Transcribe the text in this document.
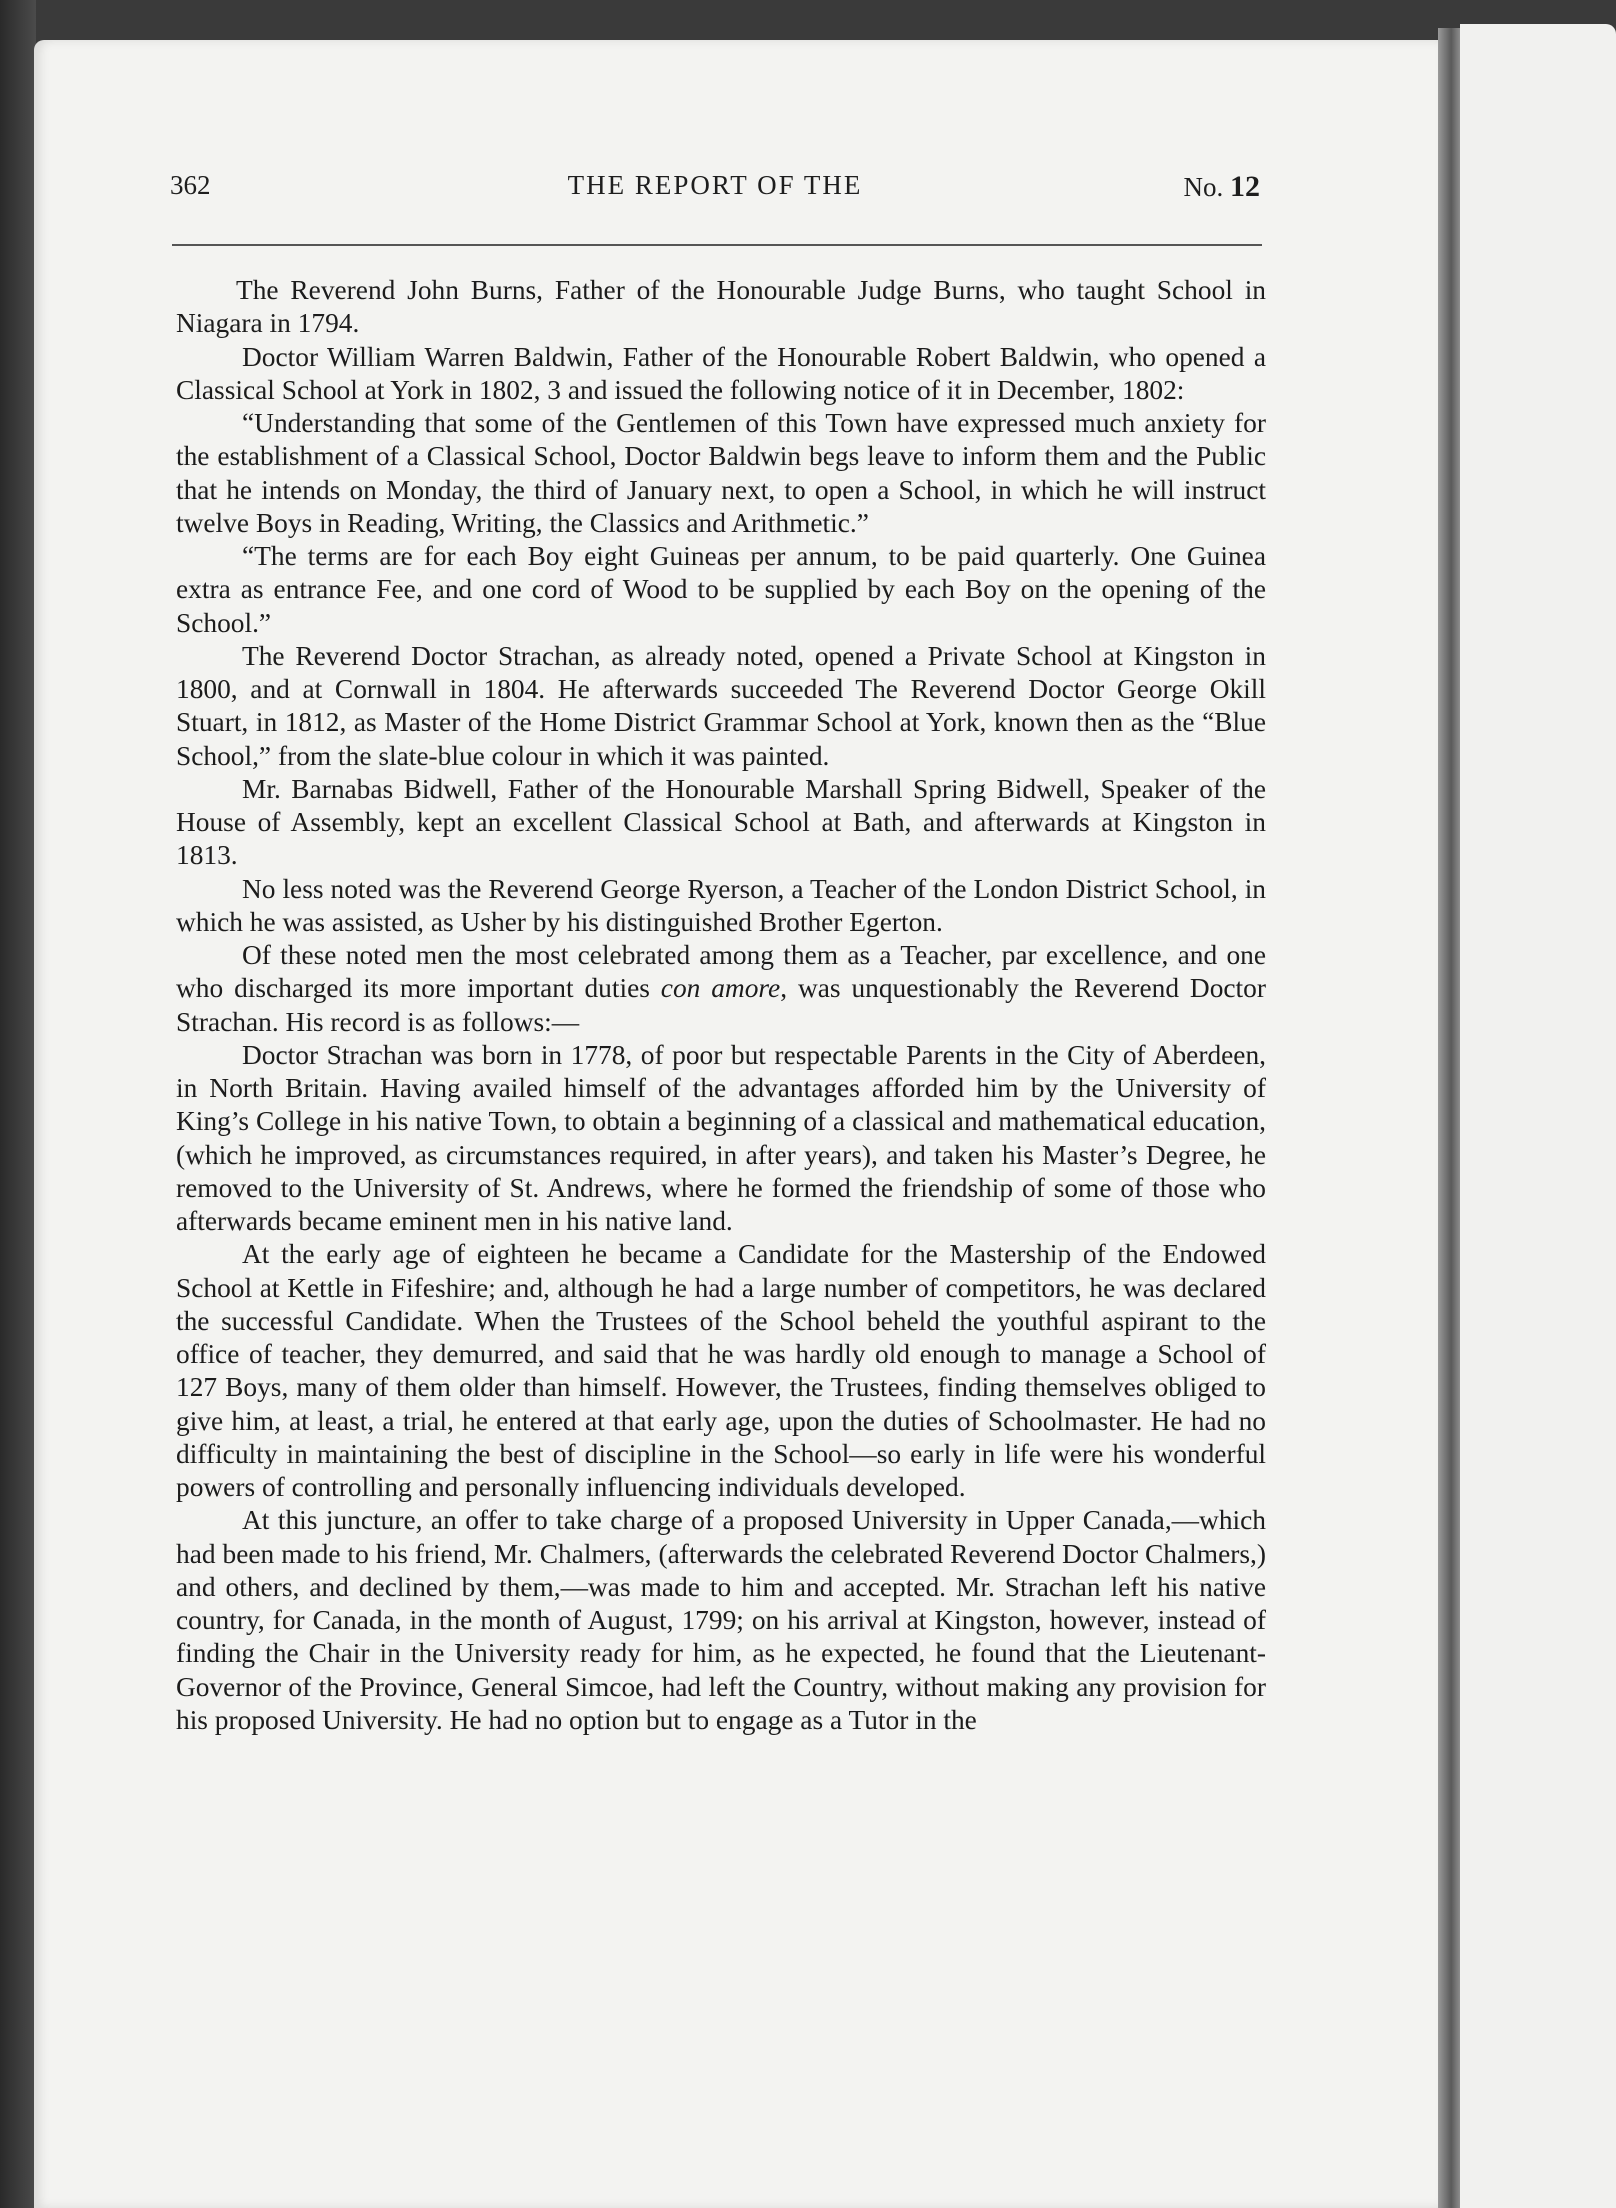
362	THE REPORT OF THE	No. 12

The Reverend John Burns, Father of the Honourable Judge Burns, who taught School in Niagara in 1794.

Doctor William Warren Baldwin, Father of the Honourable Robert Baldwin, who opened a Classical School at York in 1802, 3 and issued the following notice of it in December, 1802:

“Understanding that some of the Gentlemen of this Town have expressed much anxiety for the establishment of a Classical School, Doctor Baldwin begs leave to inform them and the Public that he intends on Monday, the third of January next, to open a School, in which he will instruct twelve Boys in Reading, Writing, the Classics and Arithmetic.”

“The terms are for each Boy eight Guineas per annum, to be paid quarterly. One Guinea extra as entrance Fee, and one cord of Wood to be supplied by each Boy on the opening of the School.”

The Reverend Doctor Strachan, as already noted, opened a Private School at Kingston in 1800, and at Cornwall in 1804. He afterwards succeeded The Reverend Doctor George Okill Stuart, in 1812, as Master of the Home District Grammar School at York, known then as the “Blue School,” from the slate-blue colour in which it was painted.

Mr. Barnabas Bidwell, Father of the Honourable Marshall Spring Bidwell, Speaker of the House of Assembly, kept an excellent Classical School at Bath, and afterwards at Kingston in 1813.

No less noted was the Reverend George Ryerson, a Teacher of the London District School, in which he was assisted, as Usher by his distinguished Brother Egerton.

Of these noted men the most celebrated among them as a Teacher, par excellence, and one who discharged its more important duties con amore, was unquestionably the Reverend Doctor Strachan. His record is as follows:—

Doctor Strachan was born in 1778, of poor but respectable Parents in the City of Aberdeen, in North Britain. Having availed himself of the advantages afforded him by the University of King’s College in his native Town, to obtain a beginning of a classical and mathematical education, (which he improved, as circumstances required, in after years), and taken his Master’s Degree, he removed to the University of St. Andrews, where he formed the friendship of some of those who afterwards became eminent men in his native land.

At the early age of eighteen he became a Candidate for the Mastership of the Endowed School at Kettle in Fifeshire; and, although he had a large number of competitors, he was declared the successful Candidate. When the Trustees of the School beheld the youthful aspirant to the office of teacher, they demurred, and said that he was hardly old enough to manage a School of 127 Boys, many of them older than himself. However, the Trustees, finding themselves obliged to give him, at least, a trial, he entered at that early age, upon the duties of Schoolmaster. He had no difficulty in maintaining the best of discipline in the School—so early in life were his wonderful powers of controlling and personally influencing individuals developed.

At this juncture, an offer to take charge of a proposed University in Upper Canada,—which had been made to his friend, Mr. Chalmers, (afterwards the celebrated Reverend Doctor Chalmers,) and others, and declined by them,—was made to him and accepted. Mr. Strachan left his native country, for Canada, in the month of August, 1799; on his arrival at Kingston, however, instead of finding the Chair in the University ready for him, as he expected, he found that the Lieutenant-Governor of the Province, General Simcoe, had left the Country, without making any provision for his proposed University. He had no option but to engage as a Tutor in the
